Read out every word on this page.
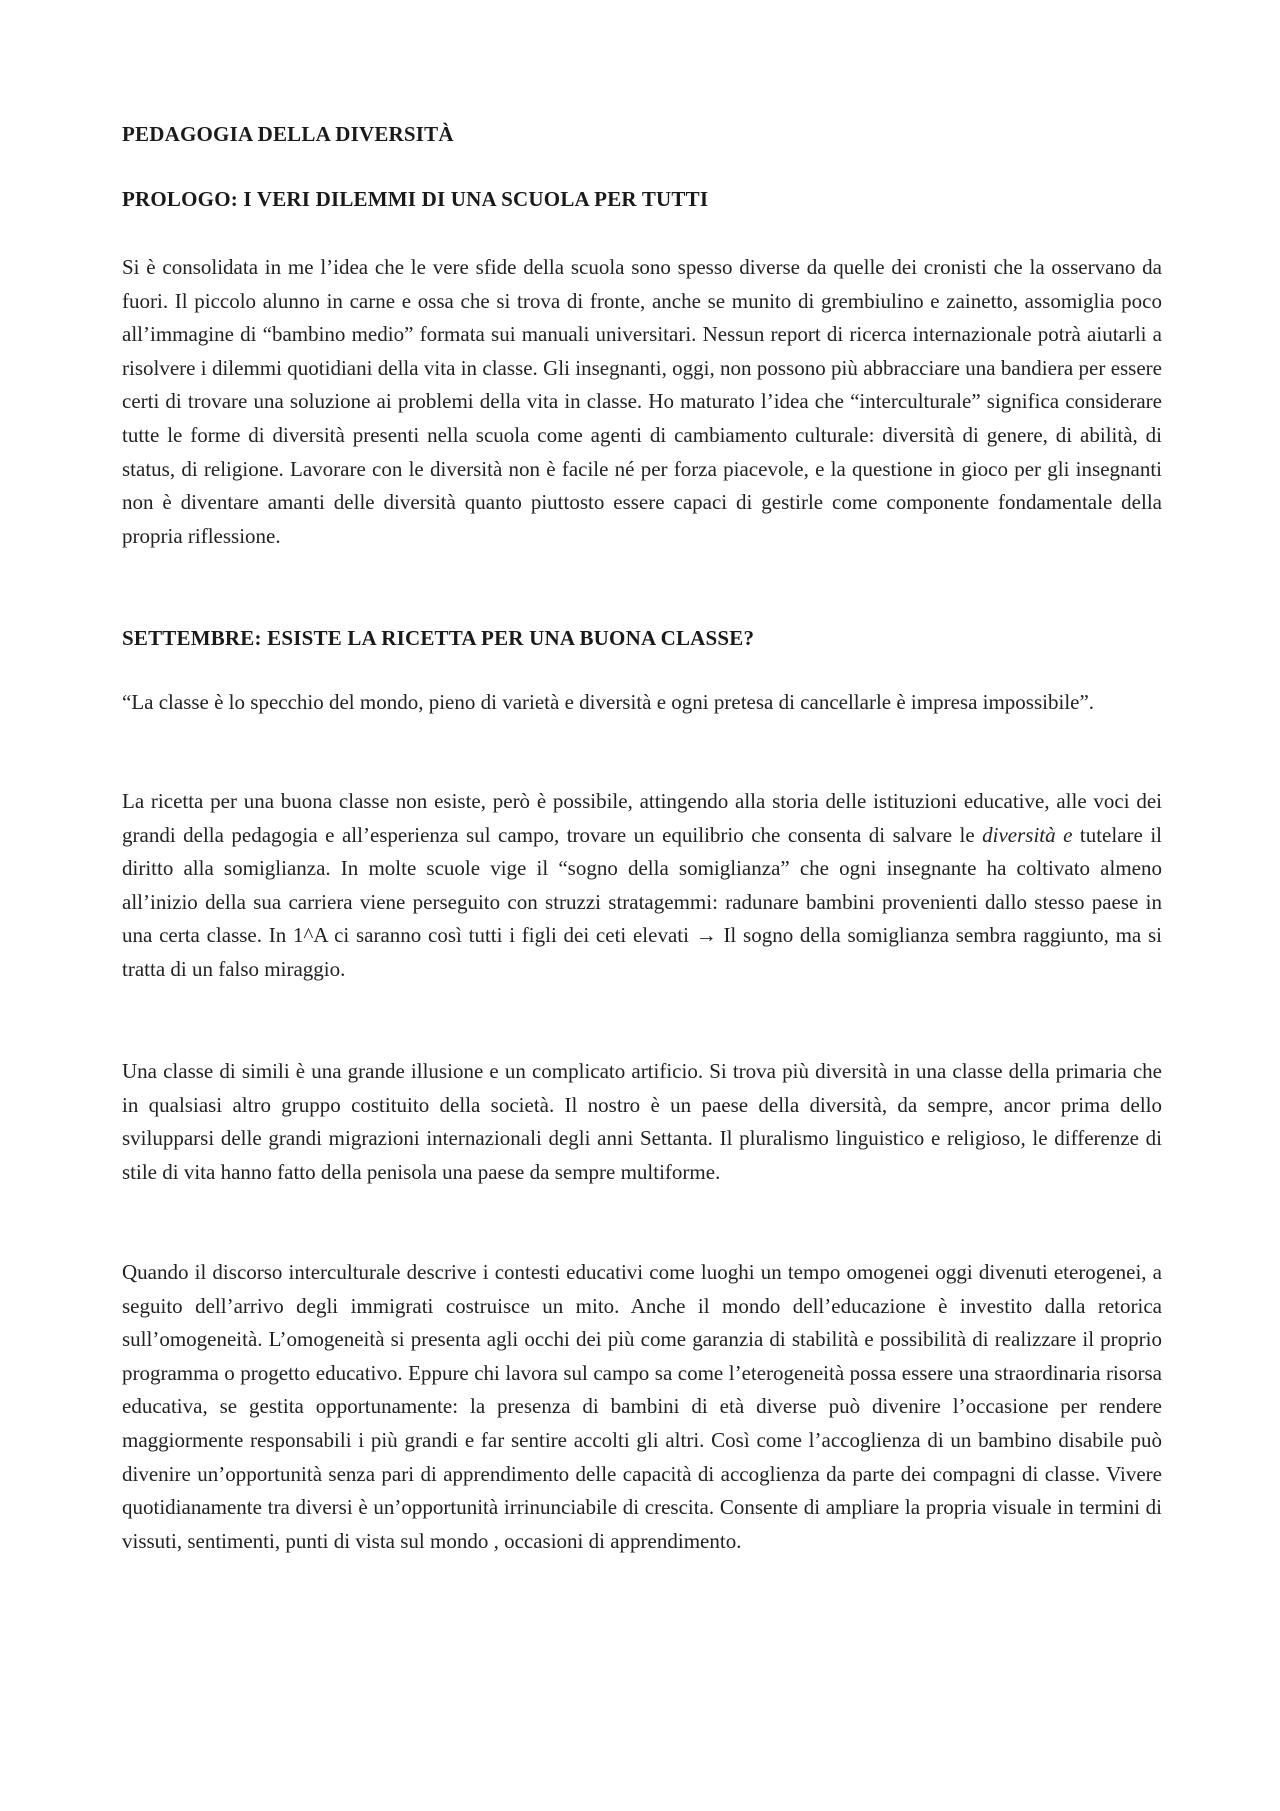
PEDAGOGIA DELLA DIVERSITÀ
PROLOGO: I VERI DILEMMI DI UNA SCUOLA PER TUTTI

Si è consolidata in me l’idea che le vere sfide della scuola sono spesso diverse da quelle dei cronisti che la osservano da fuori. Il piccolo alunno in carne e ossa che si trova di fronte, anche se munito di grembiulino e zainetto, assomiglia poco all’immagine di “bambino medio” formata sui manuali universitari. Nessun report di ricerca internazionale potrà aiutarli a risolvere i dilemmi quotidiani della vita in classe. Gli insegnanti, oggi, non possono più abbracciare una bandiera per essere certi di trovare una soluzione ai problemi della vita in classe. Ho maturato l’idea che “interculturale” significa considerare tutte le forme di diversità presenti nella scuola come agenti di cambiamento culturale: diversità di genere, di abilità, di status, di religione. Lavorare con le diversità non è facile né per forza piacevole, e la questione in gioco per gli insegnanti non è diventare amanti delle diversità quanto piuttosto essere capaci di gestirle come componente fondamentale della propria riflessione.

SETTEMBRE: ESISTE LA RICETTA PER UNA BUONA CLASSE?

“La classe è lo specchio del mondo, pieno di varietà e diversità e ogni pretesa di cancellarle è impresa impossibile”.

La ricetta per una buona classe non esiste, però è possibile, attingendo alla storia delle istituzioni educative, alle voci dei grandi della pedagogia e all’esperienza sul campo, trovare un equilibrio che consenta di salvare le diversità e tutelare il diritto alla somiglianza. In molte scuole vige il “sogno della somiglianza” che ogni insegnante ha coltivato almeno all’inizio della sua carriera viene perseguito con struzzi stratagemmi: radunare bambini provenienti dallo stesso paese in una certa classe. In 1^A ci saranno così tutti i figli dei ceti elevati → Il sogno della somiglianza sembra raggiunto, ma si tratta di un falso miraggio.

Una classe di simili è una grande illusione e un complicato artificio. Si trova più diversità in una classe della primaria che in qualsiasi altro gruppo costituito della società. Il nostro è un paese della diversità, da sempre, ancor prima dello svilupparsi delle grandi migrazioni internazionali degli anni Settanta. Il pluralismo linguistico e religioso, le differenze di stile di vita hanno fatto della penisola una paese da sempre multiforme.

Quando il discorso interculturale descrive i contesti educativi come luoghi un tempo omogenei oggi divenuti eterogenei, a seguito dell’arrivo degli immigrati costruisce un mito. Anche il mondo dell’educazione è investito dalla retorica sull’omogeneità. L’omogeneità si presenta agli occhi dei più come garanzia di stabilità e possibilità di realizzare il proprio programma o progetto educativo. Eppure chi lavora sul campo sa come l’eterogeneità possa essere una straordinaria risorsa educativa, se gestita opportunamente: la presenza di bambini di età diverse può divenire l’occasione per rendere maggiormente responsabili i più grandi e far sentire accolti gli altri. Così come l’accoglienza di un bambino disabile può divenire un’opportunità senza pari di apprendimento delle capacità di accoglienza da parte dei compagni di classe. Vivere quotidianamente tra diversi è un’opportunità irrinunciabile di crescita. Consente di ampliare la propria visuale in termini di vissuti, sentimenti, punti di vista sul mondo , occasioni di apprendimento.
